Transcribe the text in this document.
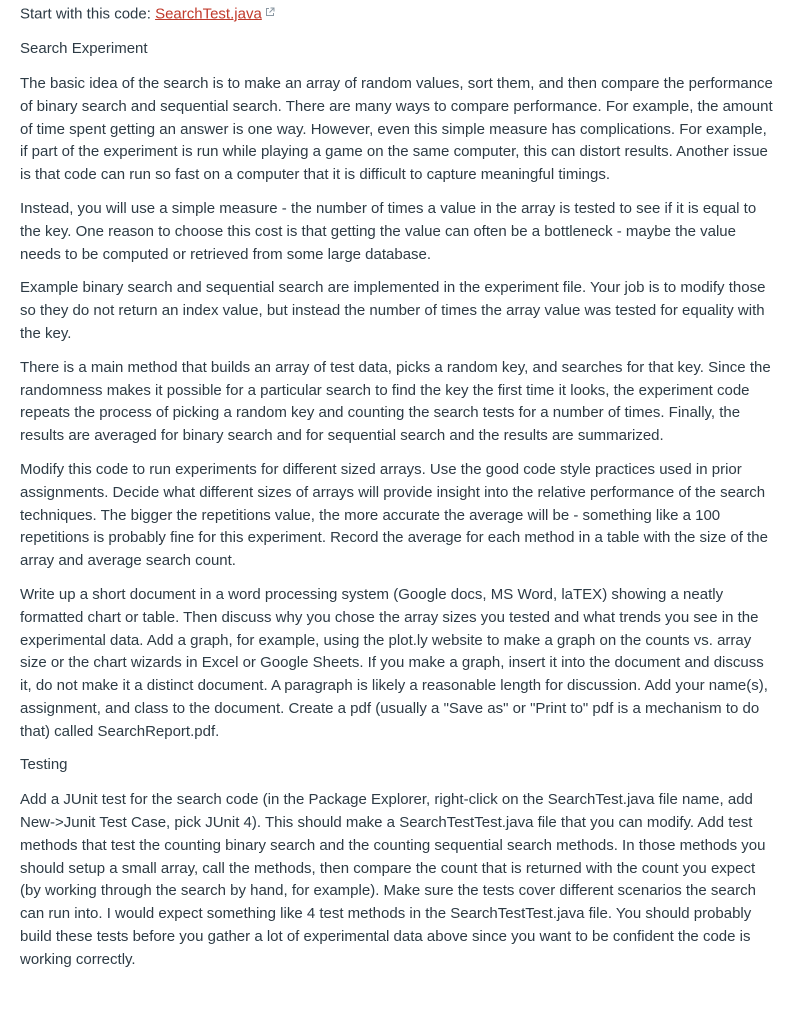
Start with this code: SearchTest.java

Search Experiment

The basic idea of the search is to make an array of random values, sort them, and then compare the performance of binary search and sequential search. There are many ways to compare performance. For example, the amount of time spent getting an answer is one way. However, even this simple measure has complications. For example, if part of the experiment is run while playing a game on the same computer, this can distort results. Another issue is that code can run so fast on a computer that it is difficult to capture meaningful timings.

Instead, you will use a simple measure - the number of times a value in the array is tested to see if it is equal to the key. One reason to choose this cost is that getting the value can often be a bottleneck - maybe the value needs to be computed or retrieved from some large database.

Example binary search and sequential search are implemented in the experiment file. Your job is to modify those so they do not return an index value, but instead the number of times the array value was tested for equality with the key.

There is a main method that builds an array of test data, picks a random key, and searches for that key. Since the randomness makes it possible for a particular search to find the key the first time it looks, the experiment code repeats the process of picking a random key and counting the search tests for a number of times. Finally, the results are averaged for binary search and for sequential search and the results are summarized.

Modify this code to run experiments for different sized arrays. Use the good code style practices used in prior assignments. Decide what different sizes of arrays will provide insight into the relative performance of the search techniques. The bigger the repetitions value, the more accurate the average will be - something like a 100 repetitions is probably fine for this experiment. Record the average for each method in a table with the size of the array and average search count.

Write up a short document in a word processing system (Google docs, MS Word, laTEX) showing a neatly formatted chart or table. Then discuss why you chose the array sizes you tested and what trends you see in the experimental data. Add a graph, for example, using the plot.ly website to make a graph on the counts vs. array size or the chart wizards in Excel or Google Sheets. If you make a graph, insert it into the document and discuss it, do not make it a distinct document. A paragraph is likely a reasonable length for discussion. Add your name(s), assignment, and class to the document. Create a pdf (usually a "Save as" or "Print to" pdf is a mechanism to do that) called SearchReport.pdf.

Testing

Add a JUnit test for the search code (in the Package Explorer, right-click on the SearchTest.java file name, add New->Junit Test Case, pick JUnit 4). This should make a SearchTestTest.java file that you can modify. Add test methods that test the counting binary search and the counting sequential search methods. In those methods you should setup a small array, call the methods, then compare the count that is returned with the count you expect (by working through the search by hand, for example). Make sure the tests cover different scenarios the search can run into. I would expect something like 4 test methods in the SearchTestTest.java file. You should probably build these tests before you gather a lot of experimental data above since you want to be confident the code is working correctly.
